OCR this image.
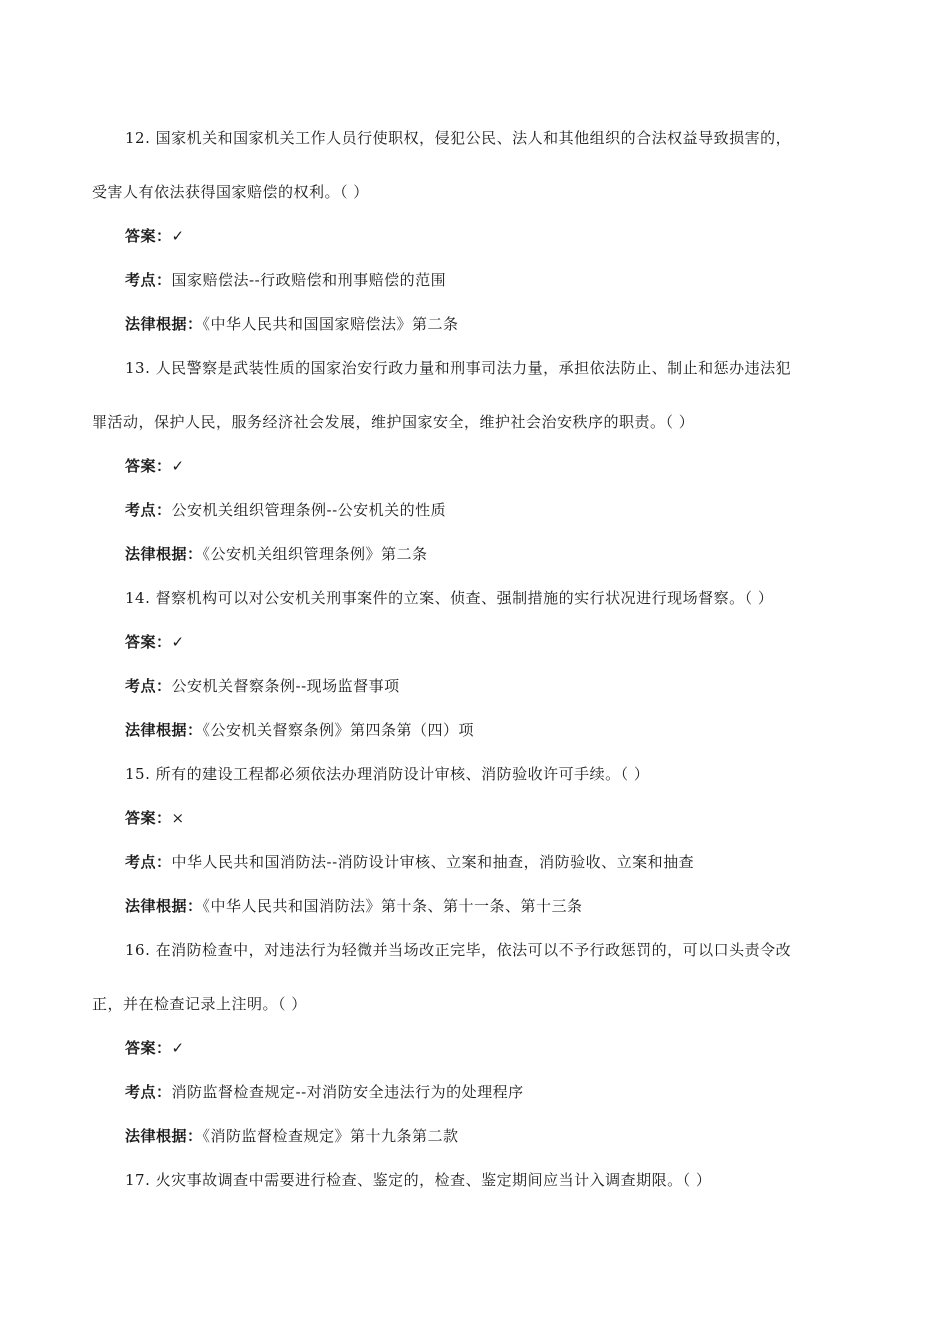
12. 国家机关和国家机关工作人员行使职权，侵犯公民、法人和其他组织的合法权益导致损害的，
受害人有依法获得国家赔偿的权利。（ ）
答案：✓
考点：国家赔偿法--行政赔偿和刑事赔偿的范围
法律根据：《中华人民共和国国家赔偿法》第二条
13. 人民警察是武装性质的国家治安行政力量和刑事司法力量，承担依法防止、制止和惩办违法犯
罪活动，保护人民，服务经济社会发展，维护国家安全，维护社会治安秩序的职责。（ ）
答案：✓
考点：公安机关组织管理条例--公安机关的性质
法律根据：《公安机关组织管理条例》第二条
14. 督察机构可以对公安机关刑事案件的立案、侦查、强制措施的实行状况进行现场督察。（ ）
答案：✓
考点：公安机关督察条例--现场监督事项
法律根据：《公安机关督察条例》第四条第（四）项
15. 所有的建设工程都必须依法办理消防设计审核、消防验收许可手续。（ ）
答案：×
考点：中华人民共和国消防法--消防设计审核、立案和抽查，消防验收、立案和抽查
法律根据：《中华人民共和国消防法》第十条、第十一条、第十三条
16. 在消防检查中，对违法行为轻微并当场改正完毕，依法可以不予行政惩罚的，可以口头责令改
正，并在检查记录上注明。（ ）
答案：✓
考点：消防监督检查规定--对消防安全违法行为的处理程序
法律根据：《消防监督检查规定》第十九条第二款
17. 火灾事故调查中需要进行检查、鉴定的，检查、鉴定期间应当计入调查期限。（ ）
